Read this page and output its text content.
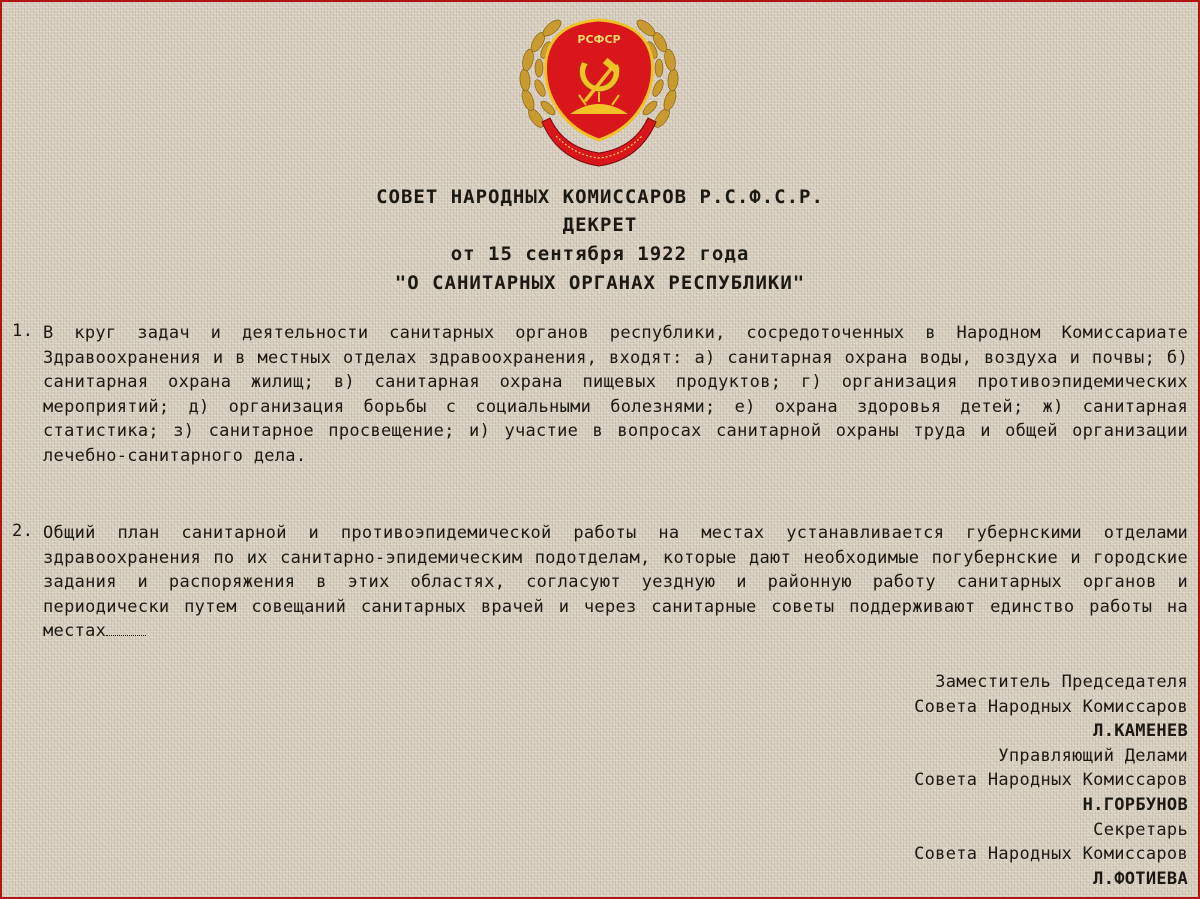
РСФСР
СОВЕТ НАРОДНЫХ КОМИССАРОВ Р.С.Ф.С.Р.
ДЕКРЕТ
от 15 сентября 1922 года
"О САНИТАРНЫХ ОРГАНАХ РЕСПУБЛИКИ"
1. В круг задач и деятельности санитарных органов республики, сосредоточенных в Народном Комиссариате Здравоохранения и в местных отделах здравоохранения, входят: а) санитарная охрана воды, воздуха и почвы; б) санитарная охрана жилищ; в) санитарная охрана пищевых продуктов; г) организация противоэпидемических мероприятий; д) организация борьбы с социальными болезнями; е) охрана здоровья детей; ж) санитарная статистика; з) санитарное просвещение; и) участие в вопросах санитарной охраны труда и общей организации лечебно-санитарного дела.
2. Общий план санитарной и противоэпидемической работы на местах устанавливается губернскими отделами здравоохранения по их санитарно-эпидемическим подотделам, которые дают необходимые погубернские и городские задания и распоряжения в этих областях, согласуют уездную и районную работу санитарных органов и периодически путем совещаний санитарных врачей и через санитарные советы поддерживают единство работы на местах
Заместитель Председателя
Совета Народных Комиссаров
Л.КАМЕНЕВ
Управляющий Делами
Совета Народных Комиссаров
Н.ГОРБУНОВ
Секретарь
Совета Народных Комиссаров
Л.ФОТИЕВА
